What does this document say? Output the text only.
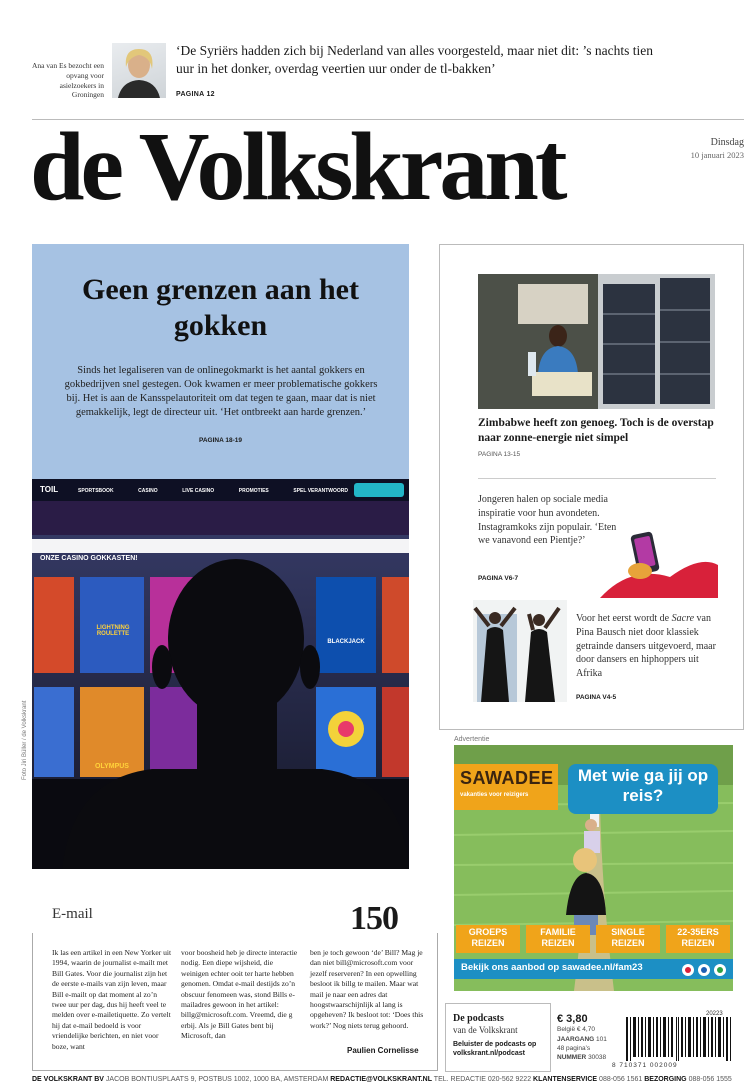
Ana van Es bezocht een opvang voor asielzoekers in Groningen
‘De Syriërs hadden zich bij Nederland van alles voorgesteld, maar niet dit: ’s nachts tien uur in het donker, overdag veertien uur onder de tl-bakken’
PAGINA 12
de Volkskrant	Dinsdag
10 januari 2023
Geen grenzen aan het gokken
Sinds het legaliseren van de onlinegokmarkt is het aantal gokkers en gokbedrijven snel gestegen. Ook kwamen er meer problematische gokkers bij. Het is aan de Kansspelautoriteit om dat tegen te gaan, maar dat is niet gemakkelijk, legt de directeur uit. ‘Het ontbreekt aan harde grenzen.’
PAGINA 18-19
TOIL	SPORTSBOOK	CASINO	LIVE CASINO	PROMOTIES	SPEL VERANTWOORD
ONZE CASINO GOKKASTEN!
LIGHTNING ROULETTE
BLACKJACK
OLYMPUS
Foto Jiri Büller / de Volkskrant
E-mail	150
Ik las een artikel in een New Yorker uit 1994, waarin de journalist e-mailt met Bill Gates. Voor die journalist zijn het de eerste e-mails van zijn leven, maar Bill e-mailt op dat moment al zo’n twee uur per dag, dus hij heeft veel te melden over e-mailetiquette. Zo vertelt hij dat e-mail bedoeld is voor vriendelijke berichten, en niet voor boze, want
voor boosheid heb je directe interactie nodig. Een diepe wijsheid, die weinigen echter ooit ter harte hebben genomen. Omdat e-mail destijds zo’n obscuur fenomeen was, stond Bills e-mailadres gewoon in het artikel: billg@microsoft.com. Vreemd, die g erbij. Als je Bill Gates bent bij Microsoft, dan
ben je toch gewoon ‘de’ Bill? Mag je dan niet bill@microsoft.com voor jezelf reserveren? In een opwelling besloot ik billg te mailen. Maar wat mail je naar een adres dat hoogstwaarschijnlijk al lang is opgeheven? Ik besloot tot: ‘Does this work?’ Nog niets terug gehoord.
Paulien Cornelisse
Zimbabwe heeft zon genoeg. Toch is de overstap naar zonne-energie niet simpel
PAGINA 13-15
Jongeren halen op sociale media inspiratie voor hun avondeten. Instagramkoks zijn populair. ‘Eten we vanavond een Pientje?’
PAGINA V6-7
Voor het eerst wordt de Sacre van Pina Bausch niet door klassiek getrainde dansers uitgevoerd, maar door dansers en hiphoppers uit Afrika
PAGINA V4-5
Advertentie
SAWADEE
vakanties voor reizigers
Met wie ga jij op reis?
GROEPS REIZEN
FAMILIE REIZEN
SINGLE REIZEN
22-35ERS REIZEN
Bekijk ons aanbod op sawadee.nl/fam23
De podcasts
van de Volkskrant
Beluister de podcasts op volkskrant.nl/podcast
€ 3,80
België € 4,70
JAARGANG 101
48 pagina’s
NUMMER 30038
20223
8 710371 002009
DE VOLKSKRANT BV JACOB BONTIUSPLAATS 9, POSTBUS 1002, 1000 BA, AMSTERDAM REDACTIE@VOLKSKRANT.NL TEL. REDACTIE 020-562 9222 KLANTENSERVICE 088-056 1561 BEZORGING 088-056 1555
